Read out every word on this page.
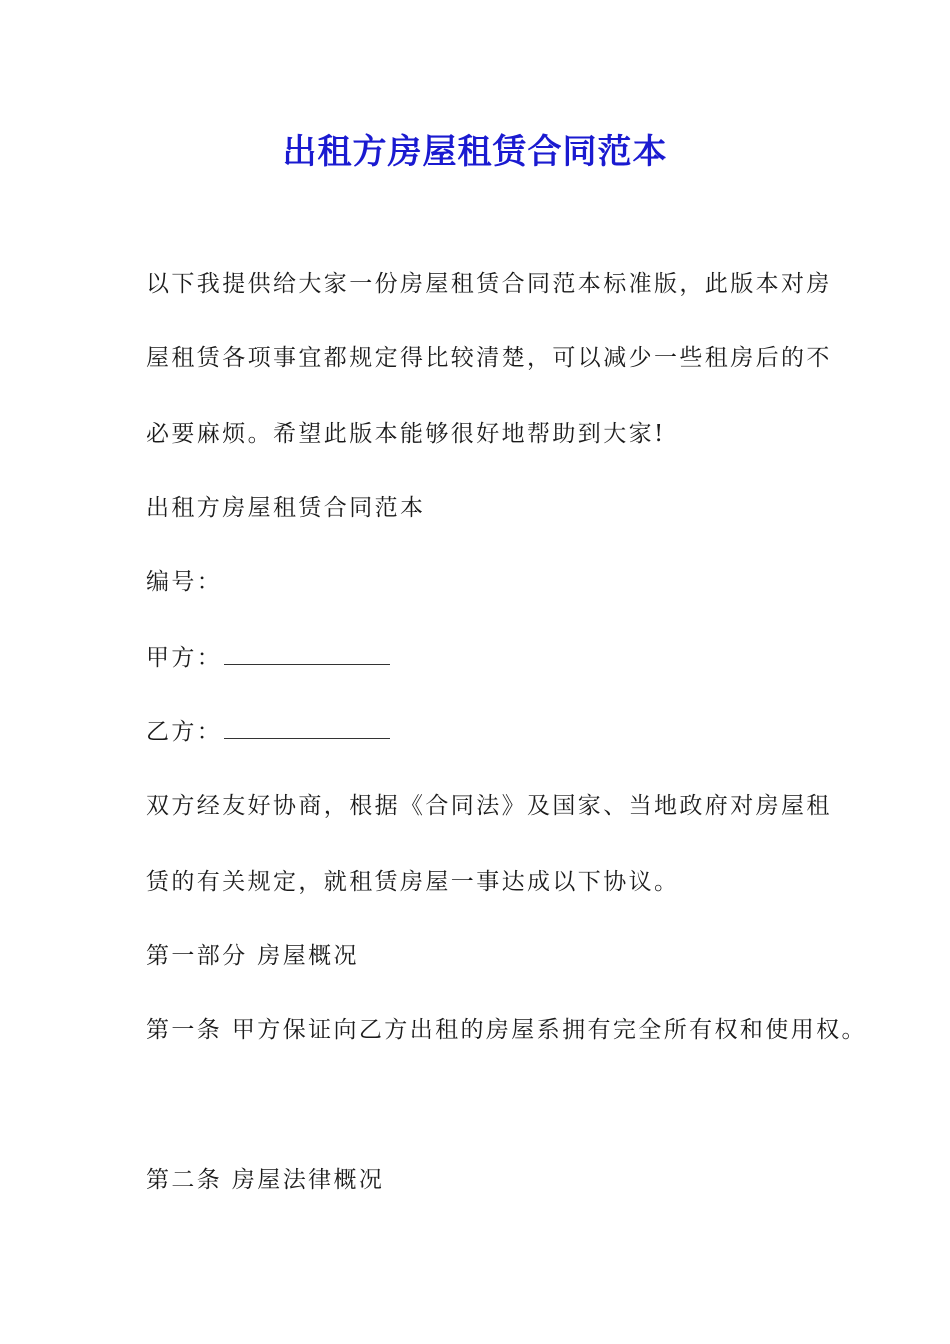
出租方房屋租赁合同范本
以下我提供给大家一份房屋租赁合同范本标准版，此版本对房
屋租赁各项事宜都规定得比较清楚，可以减少一些租房后的不
必要麻烦。希望此版本能够很好地帮助到大家!
出租方房屋租赁合同范本
编号：
甲方：
乙方：
双方经友好协商，根据《合同法》及国家、当地政府对房屋租
赁的有关规定，就租赁房屋一事达成以下协议。
第一部分 房屋概况
第一条 甲方保证向乙方出租的房屋系拥有完全所有权和使用权。
第二条 房屋法律概况
